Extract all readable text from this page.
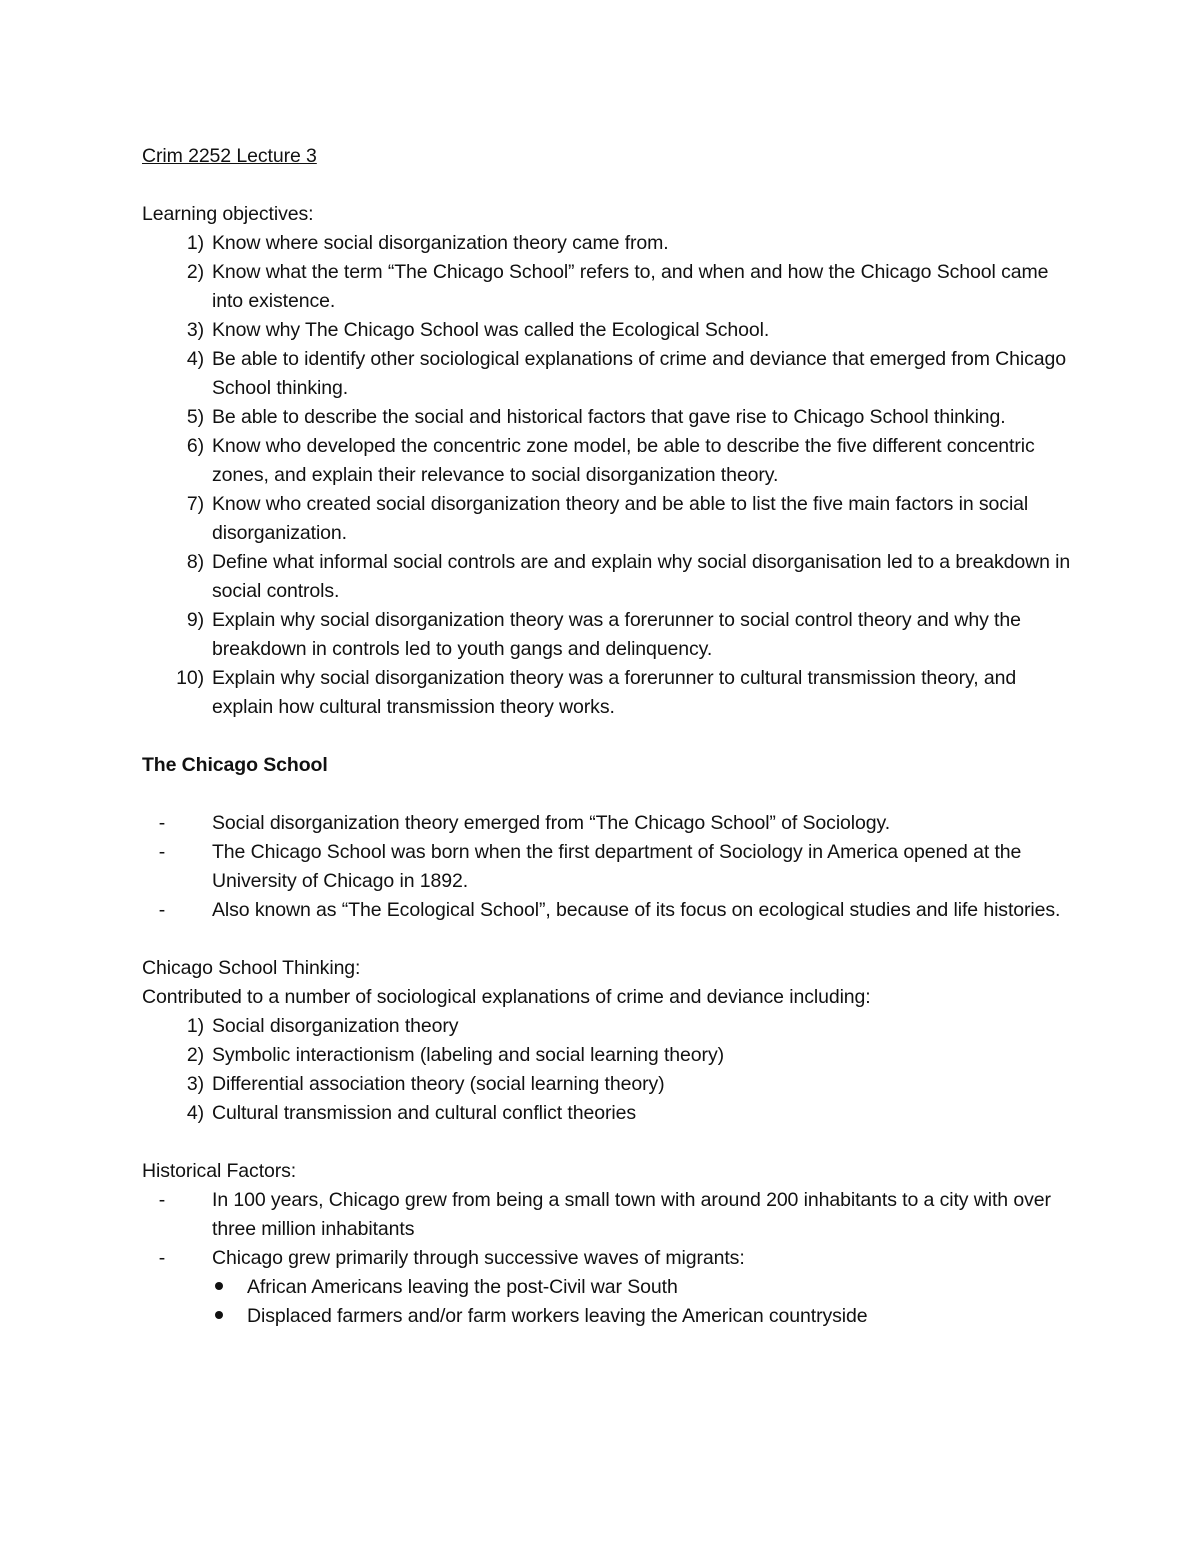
Crim 2252 Lecture 3

Learning objectives:

1) Know where social disorganization theory came from.
2) Know what the term “The Chicago School” refers to, and when and how the Chicago School came into existence.
3) Know why The Chicago School was called the Ecological School.
4) Be able to identify other sociological explanations of crime and deviance that emerged from Chicago School thinking.
5) Be able to describe the social and historical factors that gave rise to Chicago School thinking.
6) Know who developed the concentric zone model, be able to describe the five different concentric zones, and explain their relevance to social disorganization theory.
7) Know who created social disorganization theory and be able to list the five main factors in social disorganization.
8) Define what informal social controls are and explain why social disorganisation led to a breakdown in social controls.
9) Explain why social disorganization theory was a forerunner to social control theory and why the breakdown in controls led to youth gangs and delinquency.
10) Explain why social disorganization theory was a forerunner to cultural transmission theory, and explain how cultural transmission theory works.

The Chicago School

-	Social disorganization theory emerged from “The Chicago School” of Sociology.
-	The Chicago School was born when the first department of Sociology in America opened at the University of Chicago in 1892.
-	Also known as “The Ecological School”, because of its focus on ecological studies and life histories.

Chicago School Thinking:

Contributed to a number of sociological explanations of crime and deviance including:

1) Social disorganization theory
2) Symbolic interactionism (labeling and social learning theory)
3) Differential association theory (social learning theory)
4) Cultural transmission and cultural conflict theories

Historical Factors:

-	In 100 years, Chicago grew from being a small town with around 200 inhabitants to a city with over three million inhabitants
-	Chicago grew primarily through successive waves of migrants:
African Americans leaving the post-Civil war South
Displaced farmers and/or farm workers leaving the American countryside
